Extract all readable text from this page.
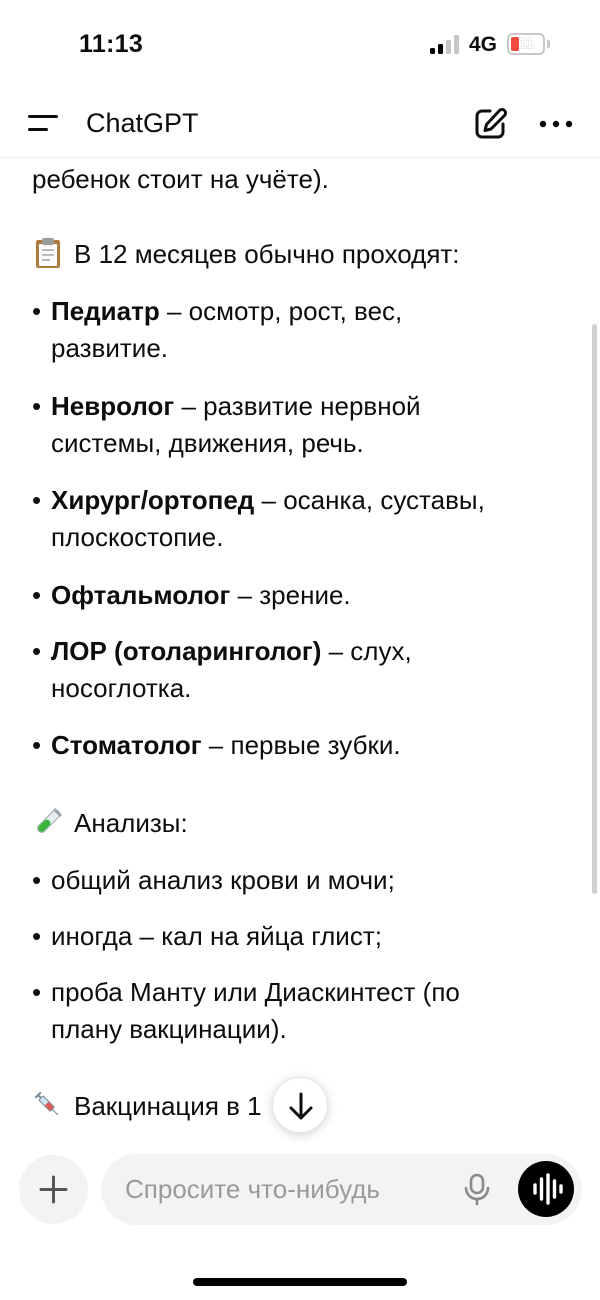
11:13	4G	11
ChatGPT
ребенок стоит на учёте).
В 12 месяцев обычно проходят:
• Педиатр – осмотр, рост, вес,
развитие.
• Невролог – развитие нервной
системы, движения, речь.
• Хирург/ортопед – осанка, суставы,
плоскостопие.
• Офтальмолог – зрение.
• ЛОР (отоларинголог) – слух,
носоглотка.
• Стоматолог – первые зубки.
Анализы:
• общий анализ крови и мочи;
• иногда – кал на яйца глист;
• проба Манту или Диаскинтест (по
плану вакцинации).
Вакцинация в 1
Спросите что-нибудь
